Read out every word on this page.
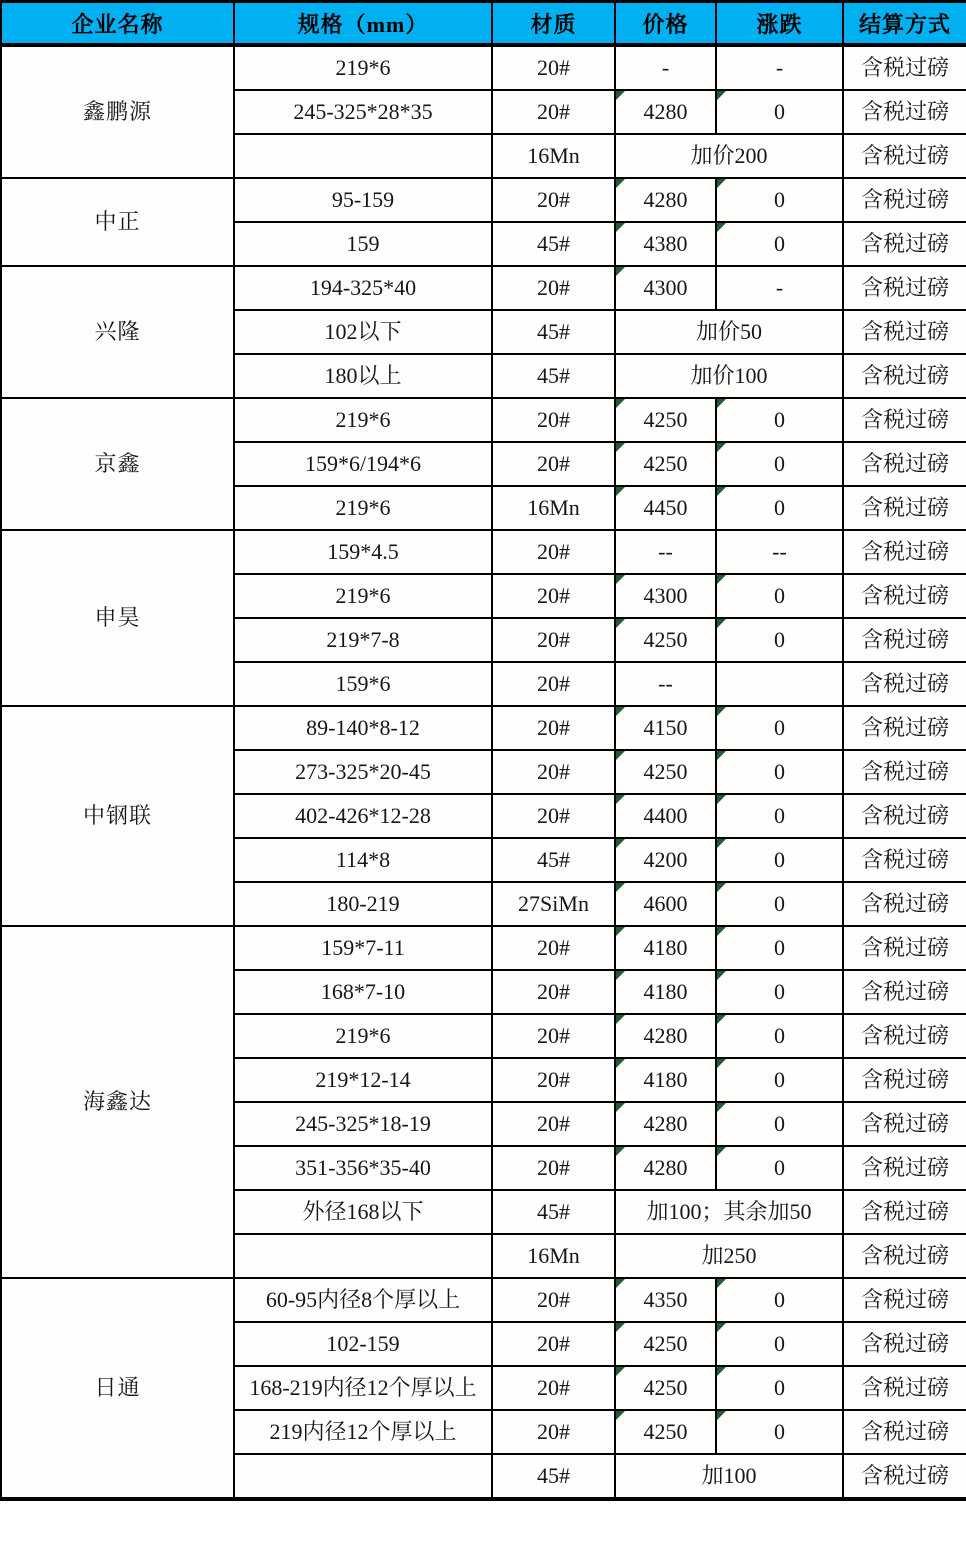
企业名称	规格（mm）	材质	价格	涨跌	结算方式
鑫鹏源	219*6	20#	-	-	含税过磅
	245-325*28*35	20#	4280	0	含税过磅
		16Mn	加价200		含税过磅
中正	95-159	20#	4280	0	含税过磅
	159	45#	4380	0	含税过磅
兴隆	194-325*40	20#	4300	-	含税过磅
	102以下	45#	加价50		含税过磅
	180以上	45#	加价100		含税过磅
京鑫	219*6	20#	4250	0	含税过磅
	159*6/194*6	20#	4250	0	含税过磅
	219*6	16Mn	4450	0	含税过磅
申昊	159*4.5	20#	--	--	含税过磅
	219*6	20#	4300	0	含税过磅
	219*7-8	20#	4250	0	含税过磅
	159*6	20#	--		含税过磅
中钢联	89-140*8-12	20#	4150	0	含税过磅
	273-325*20-45	20#	4250	0	含税过磅
	402-426*12-28	20#	4400	0	含税过磅
	114*8	45#	4200	0	含税过磅
	180-219	27SiMn	4600	0	含税过磅
海鑫达	159*7-11	20#	4180	0	含税过磅
	168*7-10	20#	4180	0	含税过磅
	219*6	20#	4280	0	含税过磅
	219*12-14	20#	4180	0	含税过磅
	245-325*18-19	20#	4280	0	含税过磅
	351-356*35-40	20#	4280	0	含税过磅
	外径168以下	45#	加100；其余加50		含税过磅
		16Mn	加250		含税过磅
日通	60-95内径8个厚以上	20#	4350	0	含税过磅
	102-159	20#	4250	0	含税过磅
	168-219内径12个厚以上	20#	4250	0	含税过磅
	219内径12个厚以上	20#	4250	0	含税过磅
		45#	加100		含税过磅
